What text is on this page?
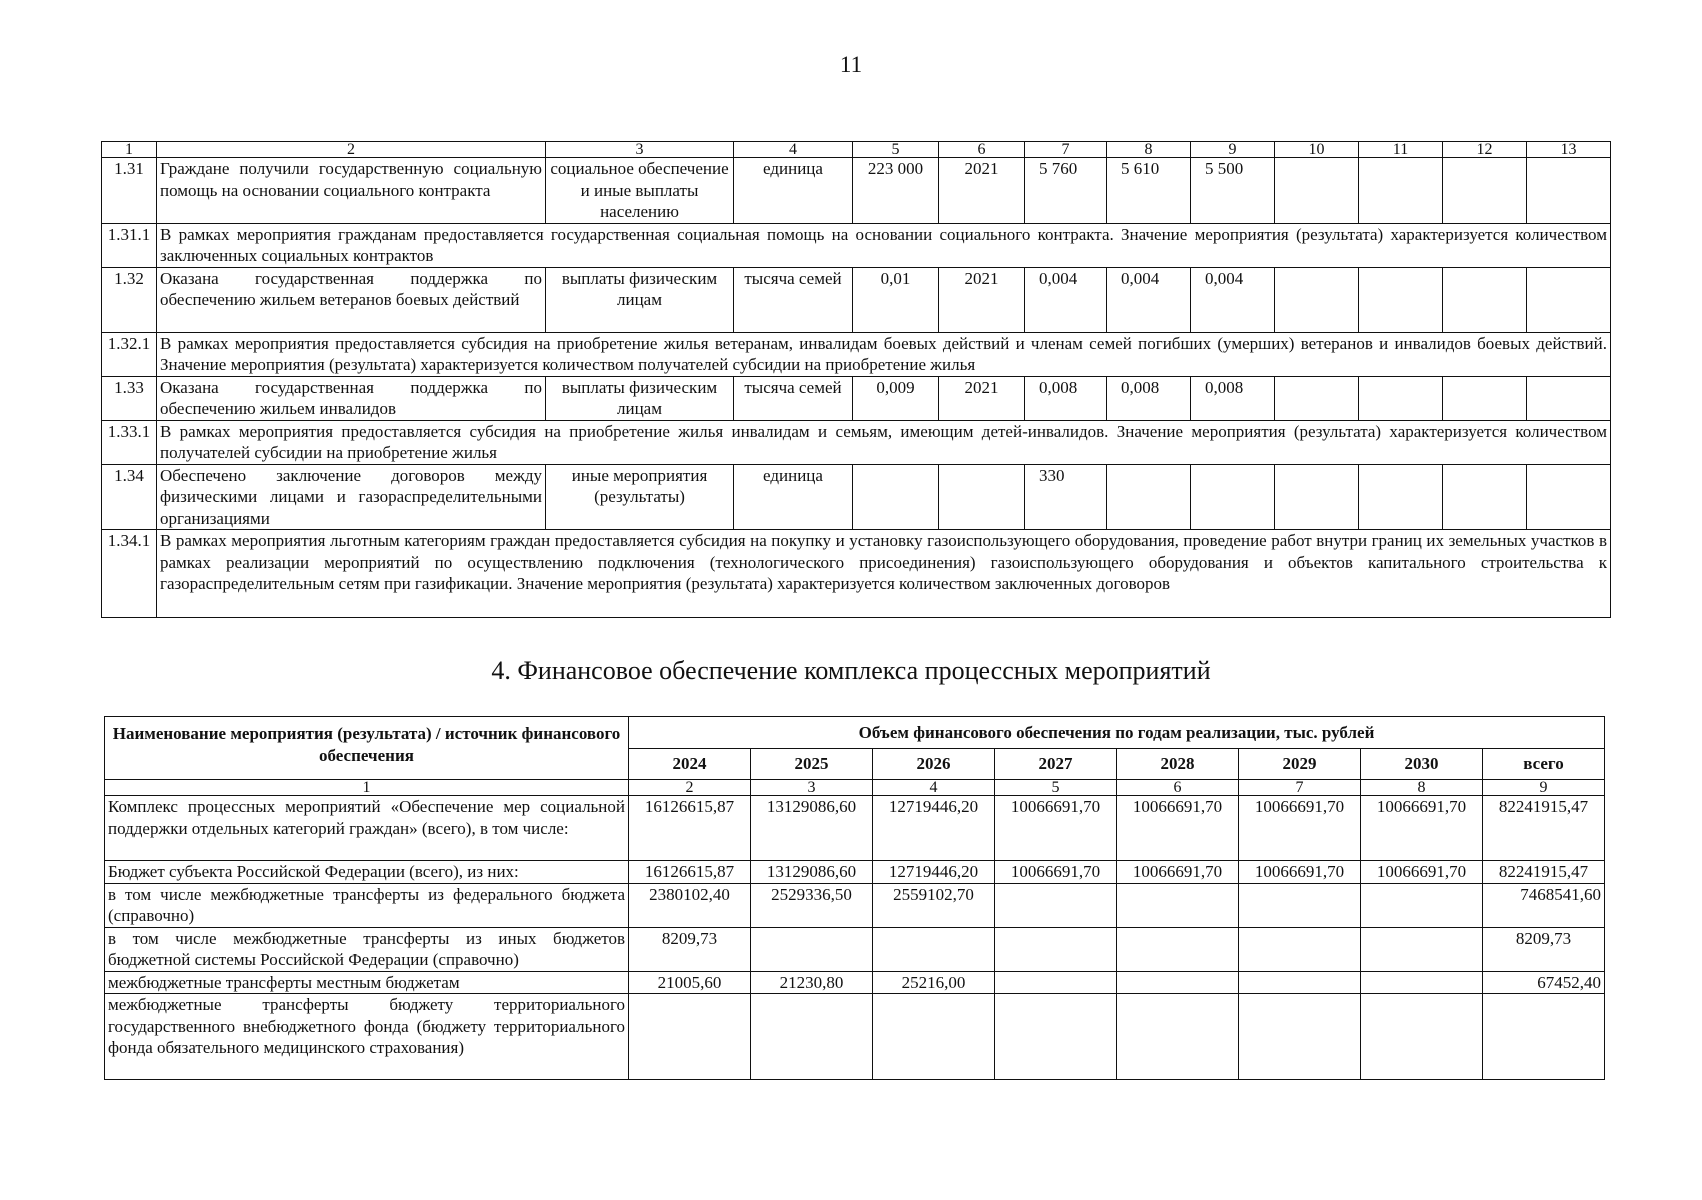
11
1	2	3	4	5	6	7	8	9	10	11	12	13
1.31	Граждане получили государственную социальную помощь на основании социального контракта	социальное обеспечение и иные выплаты населению	единица	223 000	2021	5 760	5 610	5 500				
1.31.1	В рамках мероприятия гражданам предоставляется государственная социальная помощь на основании социального контракта. Значение мероприятия (результата) характеризуется количеством заключенных социальных контрактов											
1.32	Оказана государственная поддержка по обеспечению жильем ветеранов боевых действий	выплаты физическим лицам	тысяча семей	0,01	2021	0,004	0,004	0,004				
1.32.1	В рамках мероприятия предоставляется субсидия на приобретение жилья ветеранам, инвалидам боевых действий и членам семей погибших (умерших) ветеранов и инвалидов боевых действий. Значение мероприятия (результата) характеризуется количеством получателей субсидии на приобретение жилья											
1.33	Оказана государственная поддержка по обеспечению жильем инвалидов	выплаты физическим лицам	тысяча семей	0,009	2021	0,008	0,008	0,008				
1.33.1	В рамках мероприятия предоставляется субсидия на приобретение жилья инвалидам и семьям, имеющим детей-инвалидов. Значение мероприятия (результата) характеризуется количеством получателей субсидии на приобретение жилья											
1.34	Обеспечено заключение договоров между физическими лицами и газораспределительными организациями	иные мероприятия (результаты)	единица			330						
1.34.1	В рамках мероприятия льготным категориям граждан предоставляется субсидия на покупку и установку газоиспользующего оборудования, проведение работ внутри границ их земельных участков в рамках реализации мероприятий по осуществлению подключения (технологического присоединения) газоиспользующего оборудования и объектов капитального строительства к газораспределительным сетям при газификации. Значение мероприятия (результата) характеризуется количеством заключенных договоров											
4. Финансовое обеспечение комплекса процессных мероприятий
Наименование мероприятия (результата) / источник финансового обеспечения	Объем финансового обеспечения по годам реализации, тыс. рублей							
	2024	2025	2026	2027	2028	2029	2030	всего
1	2	3	4	5	6	7	8	9
Комплекс процессных мероприятий «Обеспечение мер социальной поддержки отдельных категорий граждан» (всего), в том числе:	16126615,87	13129086,60	12719446,20	10066691,70	10066691,70	10066691,70	10066691,70	82241915,47
Бюджет субъекта Российской Федерации (всего), из них:	16126615,87	13129086,60	12719446,20	10066691,70	10066691,70	10066691,70	10066691,70	82241915,47
в том числе межбюджетные трансферты из федерального бюджета (справочно)	2380102,40	2529336,50	2559102,70					7468541,60
в том числе межбюджетные трансферты из иных бюджетов бюджетной системы Российской Федерации (справочно)	8209,73							8209,73
межбюджетные трансферты местным бюджетам	21005,60	21230,80	25216,00					67452,40
межбюджетные трансферты бюджету территориального государственного внебюджетного фонда (бюджету территориального фонда обязательного медицинского страхования)								
